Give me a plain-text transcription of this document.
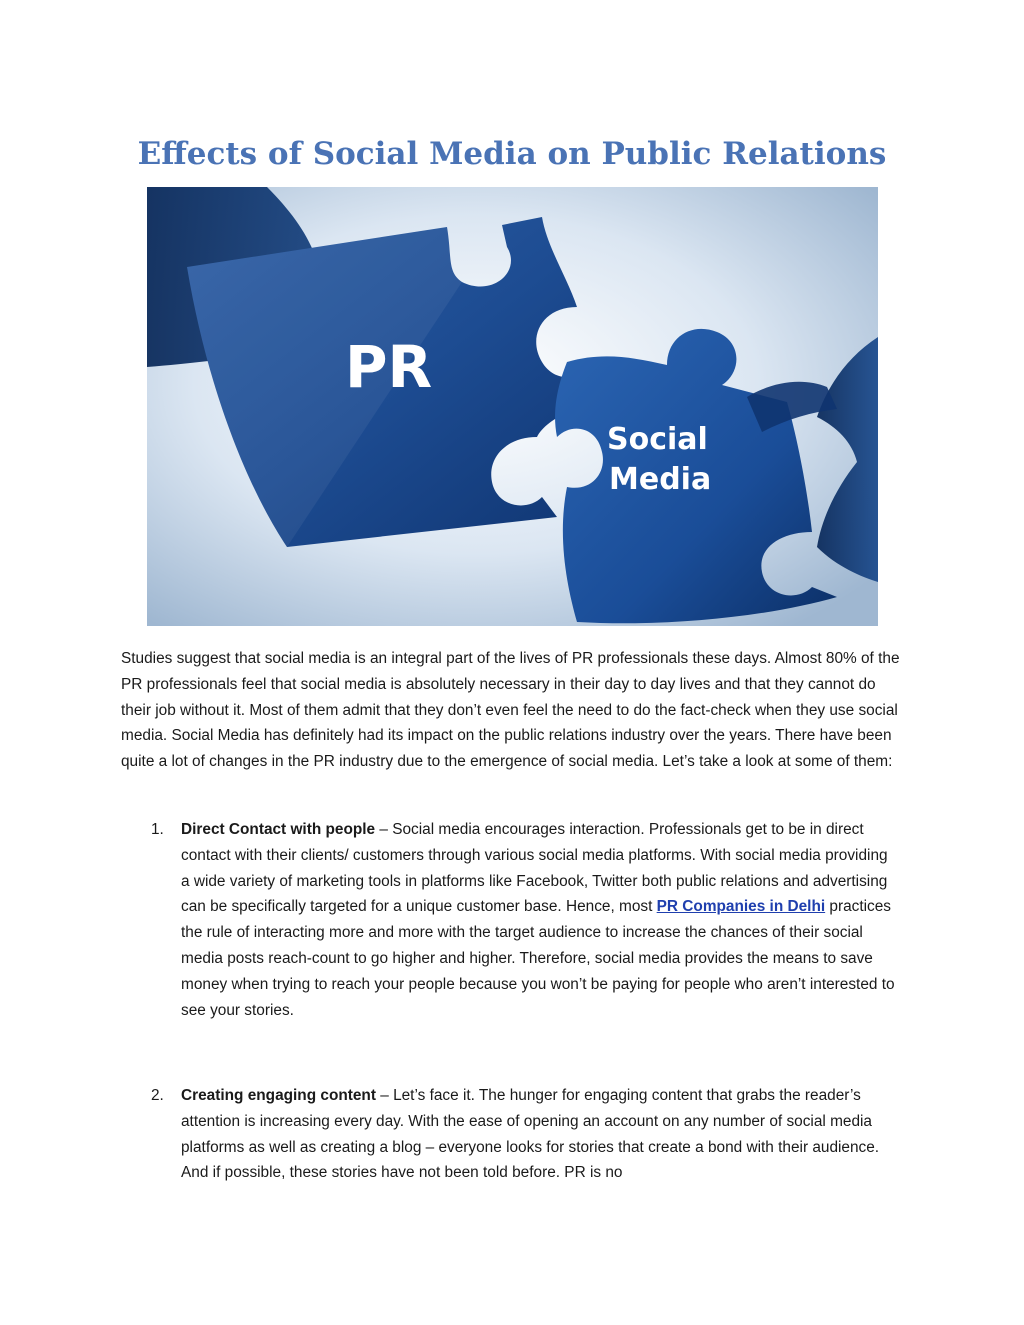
Effects of Social Media on Public Relations
PR
Social
Media

Studies suggest that social media is an integral part of the lives of PR professionals these days. Almost 80% of the PR professionals feel that social media is absolutely necessary in their day to day lives and that they cannot do their job without it. Most of them admit that they don’t even feel the need to do the fact-check when they use social media. Social Media has definitely had its impact on the public relations industry over the years. There have been quite a lot of changes in the PR industry due to the emergence of social media. Let’s take a look at some of them:

1. Direct Contact with people – Social media encourages interaction. Professionals get to be in direct contact with their clients/ customers through various social media platforms. With social media providing a wide variety of marketing tools in platforms like Facebook, Twitter both public relations and advertising can be specifically targeted for a unique customer base. Hence, most PR Companies in Delhi practices the rule of interacting more and more with the target audience to increase the chances of their social media posts reach-count to go higher and higher. Therefore, social media provides the means to save money when trying to reach your people because you won’t be paying for people who aren’t interested to see your stories.
2. Creating engaging content – Let’s face it. The hunger for engaging content that grabs the reader’s attention is increasing every day. With the ease of opening an account on any number of social media platforms as well as creating a blog – everyone looks for stories that create a bond with their audience. And if possible, these stories have not been told before. PR is no
